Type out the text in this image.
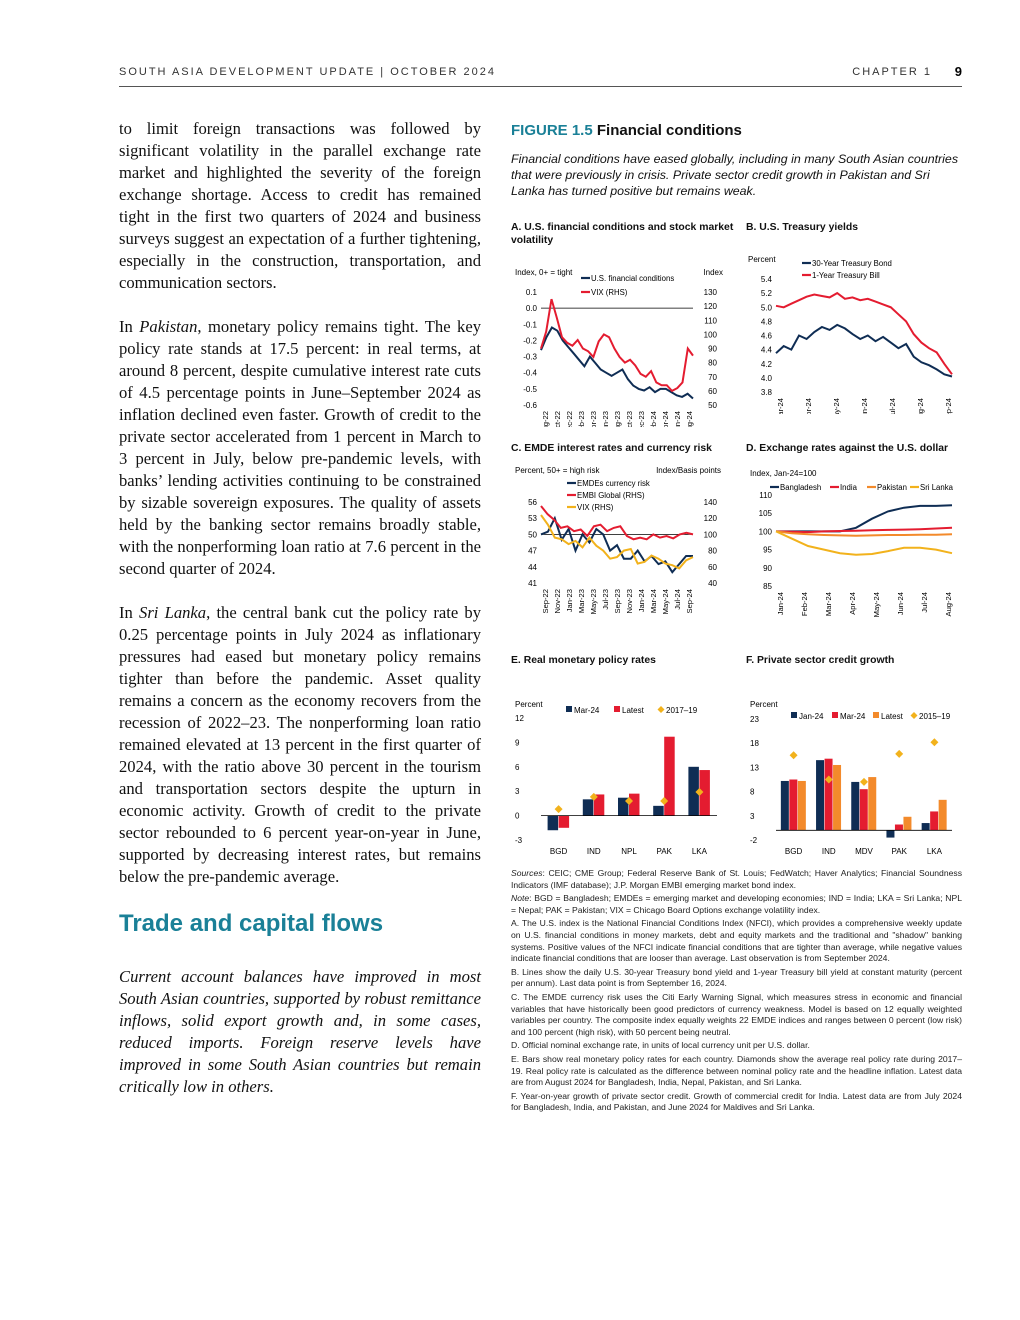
SOUTH ASIA DEVELOPMENT UPDATE | OCTOBER 2024	CHAPTER 1 9

to limit foreign transactions was followed by significant volatility in the parallel exchange rate market and highlighted the severity of the foreign exchange shortage. Access to credit has remained tight in the first two quarters of 2024 and business surveys suggest an expectation of a further tightening, especially in the construction, transportation, and communication sectors.

In Pakistan, monetary policy remains tight. The key policy rate stands at 17.5 percent: in real terms, at around 8 percent, despite cumulative interest rate cuts of 4.5 percentage points in June–September 2024 as inflation declined even faster. Growth of credit to the private sector accelerated from 1 percent in March to 3 percent in July, below pre-pandemic levels, with banks’ lending activities continuing to be constrained by sizable sovereign exposures. The quality of assets held by the banking sector remains broadly stable, with the nonperforming loan ratio at 7.6 percent in the second quarter of 2024.

In Sri Lanka, the central bank cut the policy rate by 0.25 percentage points in July 2024 as inflationary pressures had eased but monetary policy remains tighter than before the pandemic. Asset quality remains a concern as the economy recovers from the recession of 2022–23. The nonperforming loan ratio remained elevated at 13 percent in the first quarter of 2024, with the ratio above 30 percent in the tourism and transportation sectors despite the upturn in economic activity. Growth of credit to the private sector rebounded to 6 percent year-on-year in June, supported by decreasing interest rates, but remains below the pre-pandemic average.

Trade and capital flows

Current account balances have improved in most South Asian countries, supported by robust remittance inflows, solid export growth and, in some cases, reduced imports. Foreign reserve levels have improved in some South Asian countries but remain critically low in others.

FIGURE 1.5 Financial conditions

Financial conditions have eased globally, including in many South Asian countries that were previously in crisis. Private sector credit growth in Pakistan and Sri Lanka has turned positive but remains weak.

A. U.S. financial conditions and stock market volatility
Index, 0+ = tight	Index
0.1
0.0
-0.1
-0.2
-0.3
-0.4
-0.5
-0.6
130
120
110
100
90
80
70
60
50
Aug-22 Oct-22 Dec-22 Feb-23 Apr-23 Jun-23 Aug-23 Oct-23 Dec-23 Feb-24 Apr-24 Jun-24 Aug-24
U.S. financial conditions
VIX (RHS)
B. U.S. Treasury yields
Percent
5.4
5.2
5.0
4.8
4.6
4.4
4.2
4.0
3.8
Mar-24	Apr-24	May-24	Jun-24	Jul-24	Aug-24	Sep-24
30-Year Treasury Bond
1-Year Treasury Bill
C. EMDE interest rates and currency risk
Percent, 50+ = high risk	Index/Basis points
56
53
50
47
44
41
140
120
100
80
60
40
Sep-22 Nov-22 Jan-23 Mar-23 May-23 Jul-23 Sep-23 Nov-23 Jan-24 Mar-24 May-24 Jul-24 Sep-24
EMDEs currency risk
EMBI Global (RHS)
VIX (RHS)
D. Exchange rates against the U.S. dollar
Index, Jan-24=100
110
105
100
95
90
85
Jan-24 Feb-24 Mar-24 Apr-24 May-24 Jun-24 Jul-24 Aug-24
Bangladesh India	Pakistan Sri Lanka
E. Real monetary policy rates
Percent
12
9
6
3
0
-3
BGD IND	NPL PAK LKA
Mar-24	Latest	2017–19
F. Private sector credit growth
Percent
23
18
13
8
3
-2
BGD IND MDV PAK LKA
Jan-24 Mar-24 Latest 2015–19

Sources: CEIC; CME Group; Federal Reserve Bank of St. Louis; FedWatch; Haver Analytics; Financial Soundness Indicators (IMF database); J.P. Morgan EMBI emerging market bond index.

Note: BGD = Bangladesh; EMDEs = emerging market and developing economies; IND = India; LKA = Sri Lanka; NPL = Nepal; PAK = Pakistan; VIX = Chicago Board Options exchange volatility index.

A. The U.S. index is the National Financial Conditions Index (NFCI), which provides a comprehensive weekly update on U.S. financial conditions in money markets, debt and equity markets and the traditional and "shadow" banking systems. Positive values of the NFCI indicate financial conditions that are tighter than average, while negative values indicate financial conditions that are looser than average. Last observation is from September 2024.

B. Lines show the daily U.S. 30-year Treasury bond yield and 1-year Treasury bill yield at constant maturity (percent per annum). Last data point is from September 16, 2024.

C. The EMDE currency risk uses the Citi Early Warning Signal, which measures stress in economic and financial variables that have historically been good predictors of currency weakness. Model is based on 12 equally weighted variables per country. The composite index equally weights 22 EMDE indices and ranges between 0 percent (low risk) and 100 percent (high risk), with 50 percent being neutral.

D. Official nominal exchange rate, in units of local currency unit per U.S. dollar.

E. Bars show real monetary policy rates for each country. Diamonds show the average real policy rate during 2017–19. Real policy rate is calculated as the difference between nominal policy rate and the headline inflation. Latest data are from August 2024 for Bangladesh, India, Nepal, Pakistan, and Sri Lanka.

F. Year-on-year growth of private sector credit. Growth of commercial credit for India. Latest data are from July 2024 for Bangladesh, India, and Pakistan, and June 2024 for Maldives and Sri Lanka.
